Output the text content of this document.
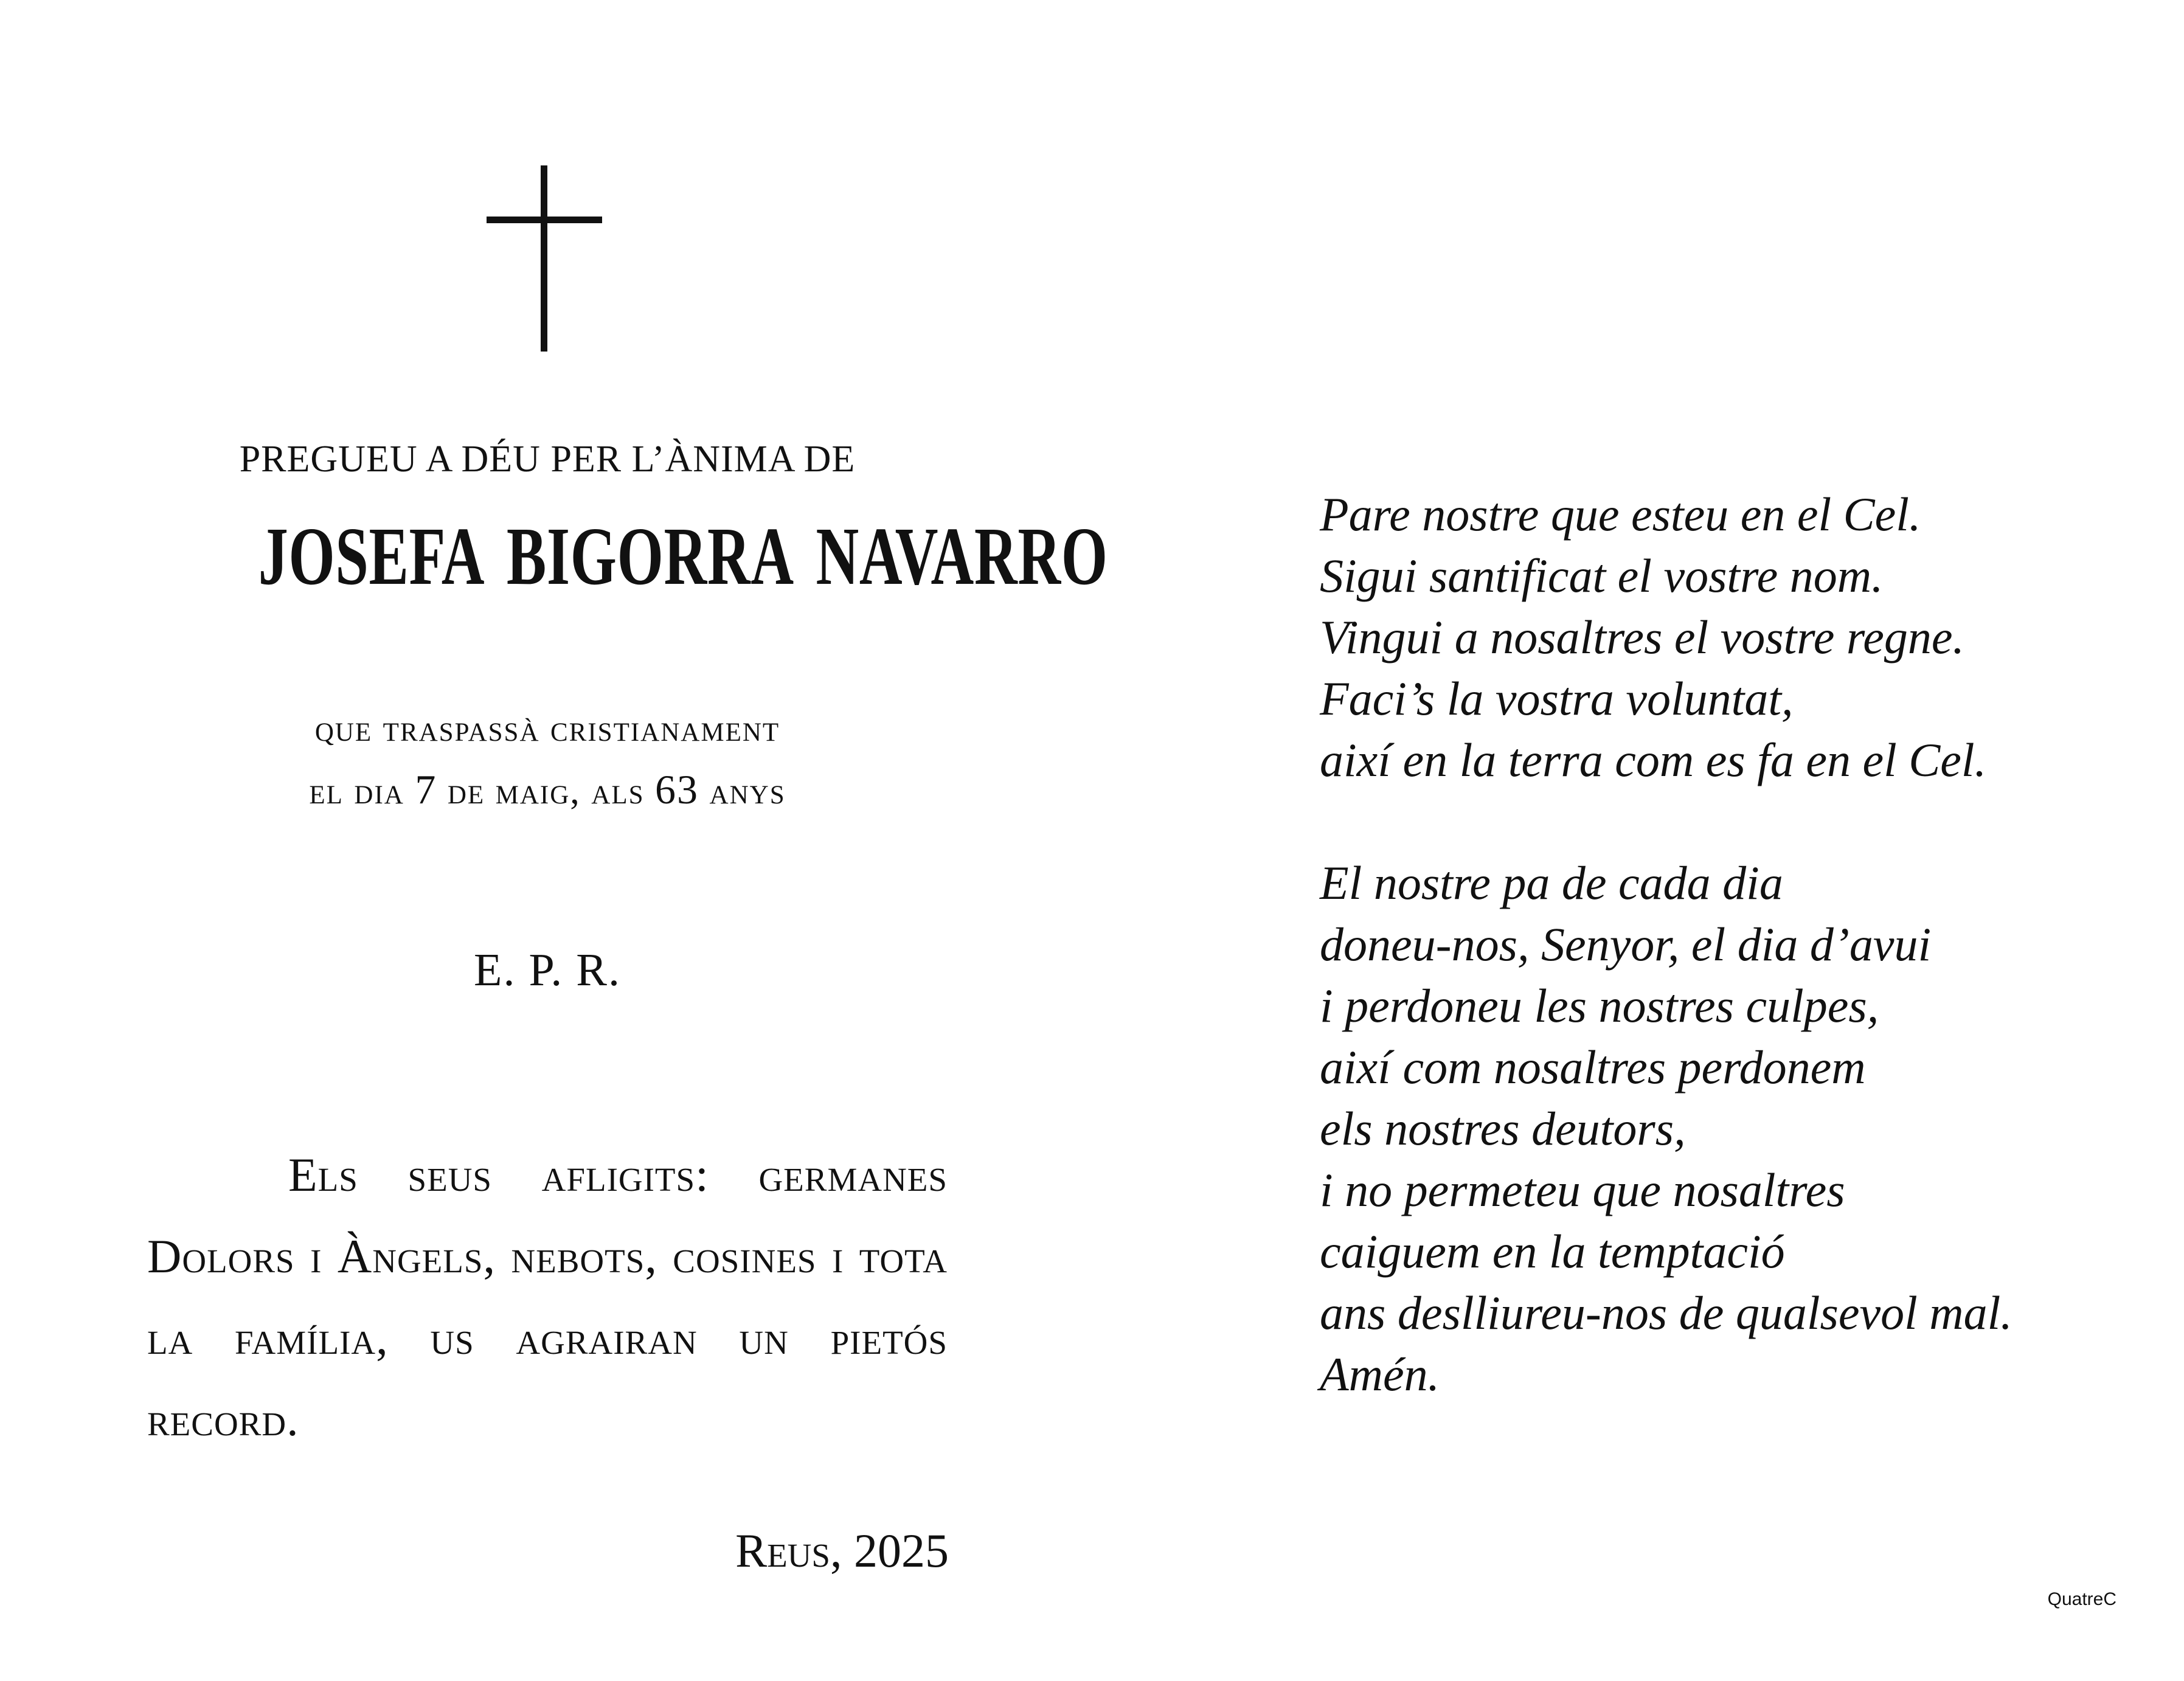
PREGUEU A DÉU PER L’ÀNIMA DE
JOSEFA BIGORRA NAVARRO
que traspassà cristianament
el dia 7 de maig, als 63 anys
E. P. R.
Els seus afligits: germanes Dolors i Àngels, nebots, cosines i tota la família, us agrairan un pietós record.
Reus, 2025
Pare nostre que esteu en el Cel.
Sigui santificat el vostre nom.
Vingui a nosaltres el vostre regne.
Faci’s la vostra voluntat,
així en la terra com es fa en el Cel.
El nostre pa de cada dia
doneu-nos, Senyor, el dia d’avui
i perdoneu les nostres culpes,
així com nosaltres perdonem
els nostres deutors,
i no permeteu que nosaltres
caiguem en la temptació
ans deslliureu-nos de qualsevol mal.
Amén.
QuatreC
